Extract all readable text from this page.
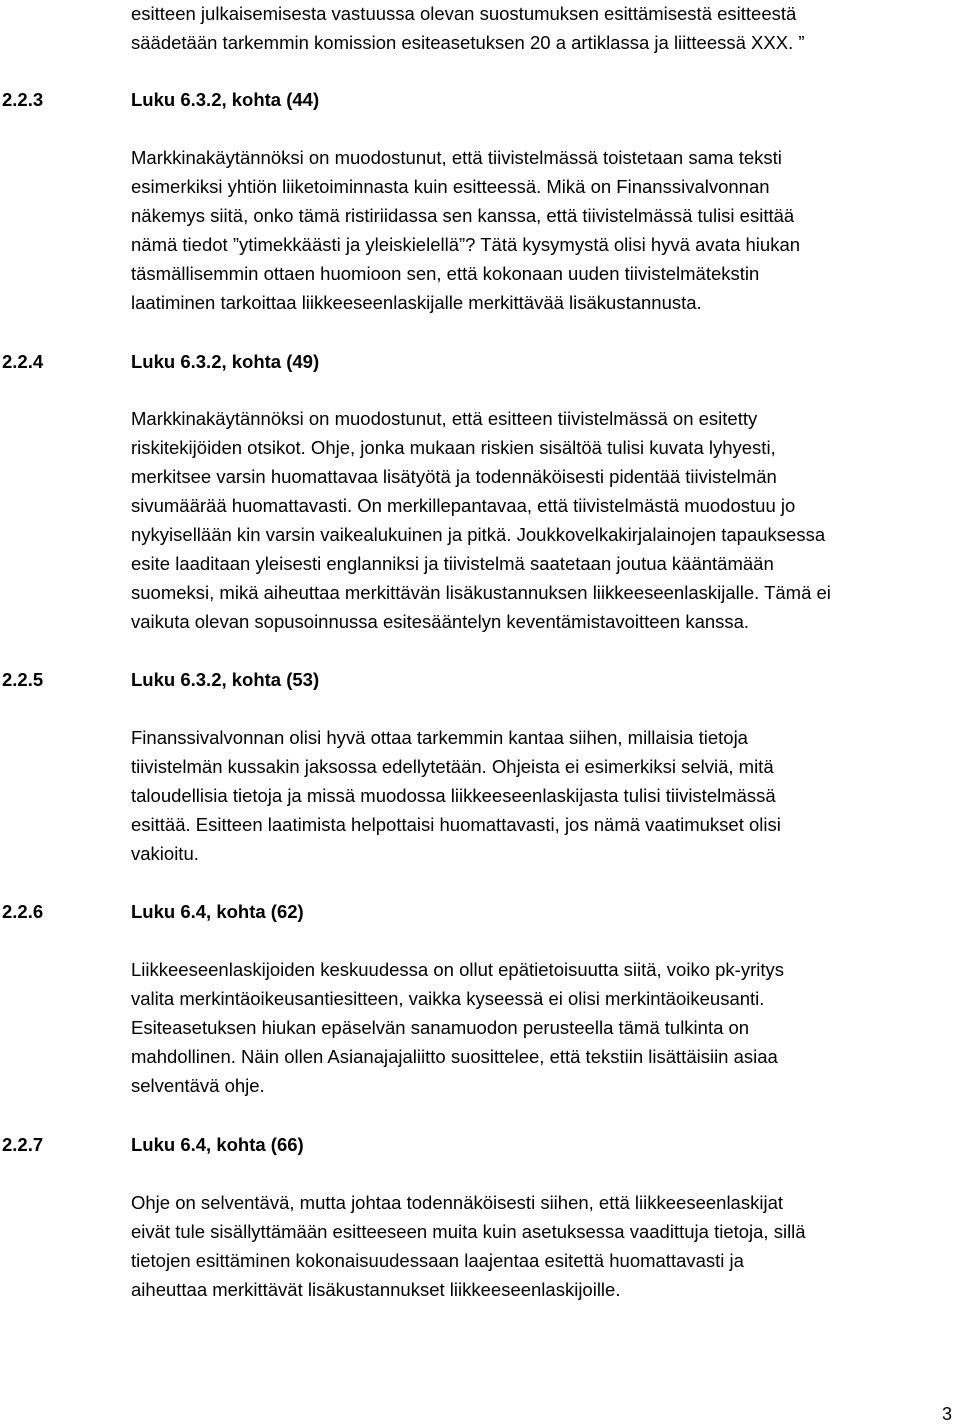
esitteen julkaisemisesta vastuussa olevan suostumuksen esittämisestä esitteestä
säädetään tarkemmin komission esiteasetuksen 20 a artiklassa ja liitteessä XXX. ”
2.2.3	Luku 6.3.2, kohta (44)
Markkinakäytännöksi on muodostunut, että tiivistelmässä toistetaan sama teksti
esimerkiksi yhtiön liiketoiminnasta kuin esitteessä. Mikä on Finanssivalvonnan
näkemys siitä, onko tämä ristiriidassa sen kanssa, että tiivistelmässä tulisi esittää
nämä tiedot ”ytimekkäästi ja yleiskielellä”? Tätä kysymystä olisi hyvä avata hiukan
täsmällisemmin ottaen huomioon sen, että kokonaan uuden tiivistelmätekstin
laatiminen tarkoittaa liikkeeseenlaskijalle merkittävää lisäkustannusta.
2.2.4	Luku 6.3.2, kohta (49)
Markkinakäytännöksi on muodostunut, että esitteen tiivistelmässä on esitetty
riskitekijöiden otsikot. Ohje, jonka mukaan riskien sisältöä tulisi kuvata lyhyesti,
merkitsee varsin huomattavaa lisätyötä ja todennäköisesti pidentää tiivistelmän
sivumäärää huomattavasti. On merkillepantavaa, että tiivistelmästä muodostuu jo
nykyisellään kin varsin vaikealukuinen ja pitkä. Joukkovelkakirjalainojen tapauksessa
esite laaditaan yleisesti englanniksi ja tiivistelmä saatetaan joutua kääntämään
suomeksi, mikä aiheuttaa merkittävän lisäkustannuksen liikkeeseenlaskijalle. Tämä ei
vaikuta olevan sopusoinnussa esitesääntelyn keventämistavoitteen kanssa.
2.2.5	Luku 6.3.2, kohta (53)
Finanssivalvonnan olisi hyvä ottaa tarkemmin kantaa siihen, millaisia tietoja
tiivistelmän kussakin jaksossa edellytetään. Ohjeista ei esimerkiksi selviä, mitä
taloudellisia tietoja ja missä muodossa liikkeeseenlaskijasta tulisi tiivistelmässä
esittää. Esitteen laatimista helpottaisi huomattavasti, jos nämä vaatimukset olisi
vakioitu.
2.2.6	Luku 6.4, kohta (62)
Liikkeeseenlaskijoiden keskuudessa on ollut epätietoisuutta siitä, voiko pk-yritys
valita merkintäoikeusantiesitteen, vaikka kyseessä ei olisi merkintäoikeusanti.
Esiteasetuksen hiukan epäselvän sanamuodon perusteella tämä tulkinta on
mahdollinen. Näin ollen Asianajajaliitto suosittelee, että tekstiin lisättäisiin asiaa
selventävä ohje.
2.2.7	Luku 6.4, kohta (66)
Ohje on selventävä, mutta johtaa todennäköisesti siihen, että liikkeeseenlaskijat
eivät tule sisällyttämään esitteeseen muita kuin asetuksessa vaadittuja tietoja, sillä
tietojen esittäminen kokonaisuudessaan laajentaa esitettä huomattavasti ja
aiheuttaa merkittävät lisäkustannukset liikkeeseenlaskijoille.
3
